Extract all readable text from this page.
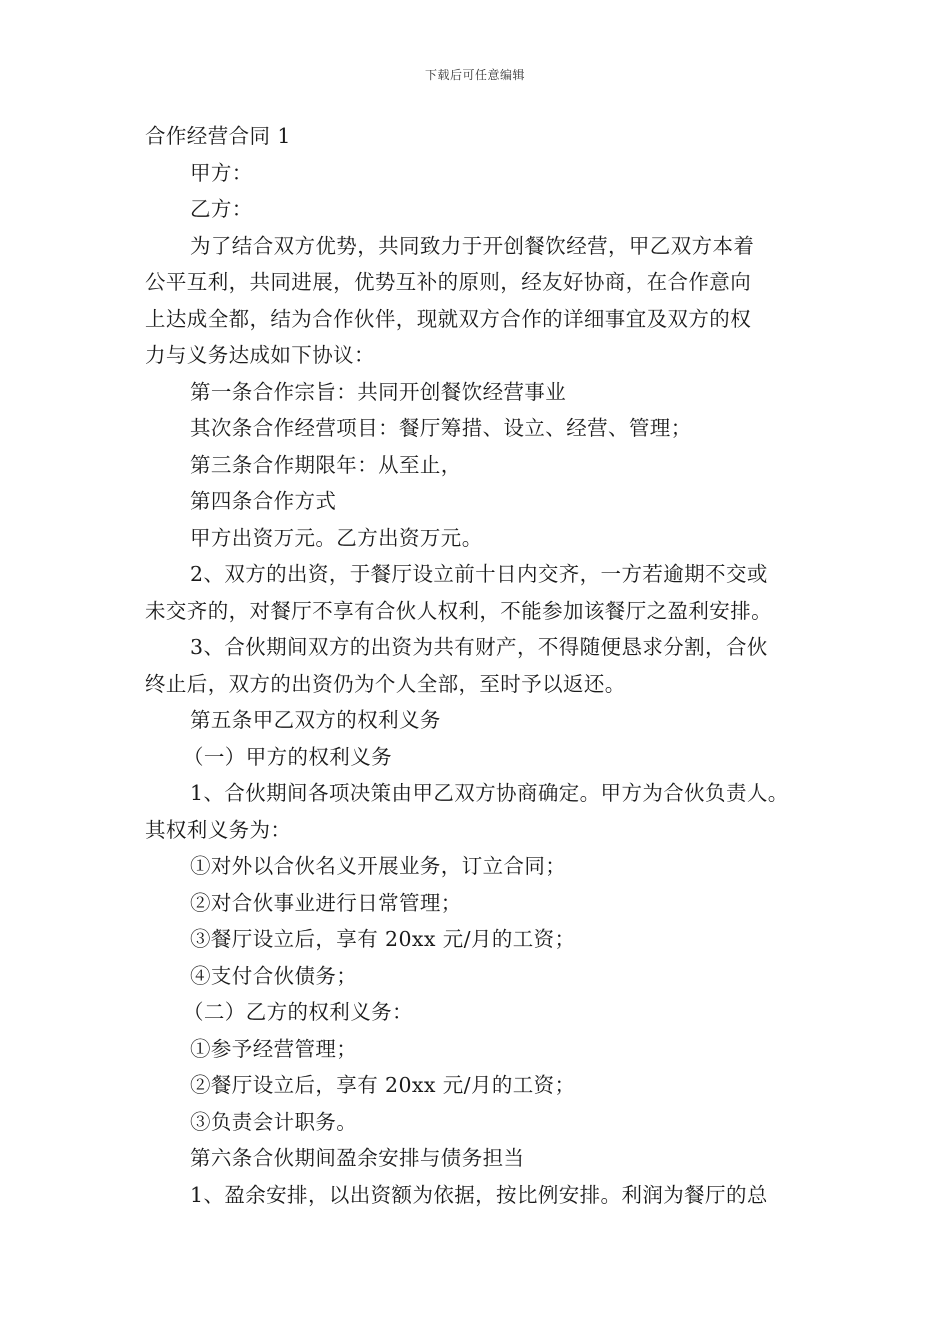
下载后可任意编辑
合作经营合同 1
甲方：
乙方：
为了结合双方优势，共同致力于开创餐饮经营，甲乙双方本着
公平互利，共同进展，优势互补的原则，经友好协商，在合作意向
上达成全都，结为合作伙伴，现就双方合作的详细事宜及双方的权
力与义务达成如下协议：
第一条合作宗旨：共同开创餐饮经营事业
其次条合作经营项目：餐厅筹措、设立、经营、管理；
第三条合作期限年：从至止，
第四条合作方式
甲方出资万元。乙方出资万元。
2、双方的出资，于餐厅设立前十日内交齐，一方若逾期不交或
未交齐的，对餐厅不享有合伙人权利，不能参加该餐厅之盈利安排。
3、合伙期间双方的出资为共有财产，不得随便恳求分割，合伙
终止后，双方的出资仍为个人全部，至时予以返还。
第五条甲乙双方的权利义务
（一）甲方的权利义务
1、合伙期间各项决策由甲乙双方协商确定。甲方为合伙负责人。
其权利义务为：
①对外以合伙名义开展业务，订立合同；
②对合伙事业进行日常管理；
③餐厅设立后，享有 20xx 元/月的工资；
④支付合伙债务；
（二）乙方的权利义务：
①参予经营管理；
②餐厅设立后，享有 20xx 元/月的工资；
③负责会计职务。
第六条合伙期间盈余安排与债务担当
1、盈余安排，以出资额为依据，按比例安排。利润为餐厅的总
